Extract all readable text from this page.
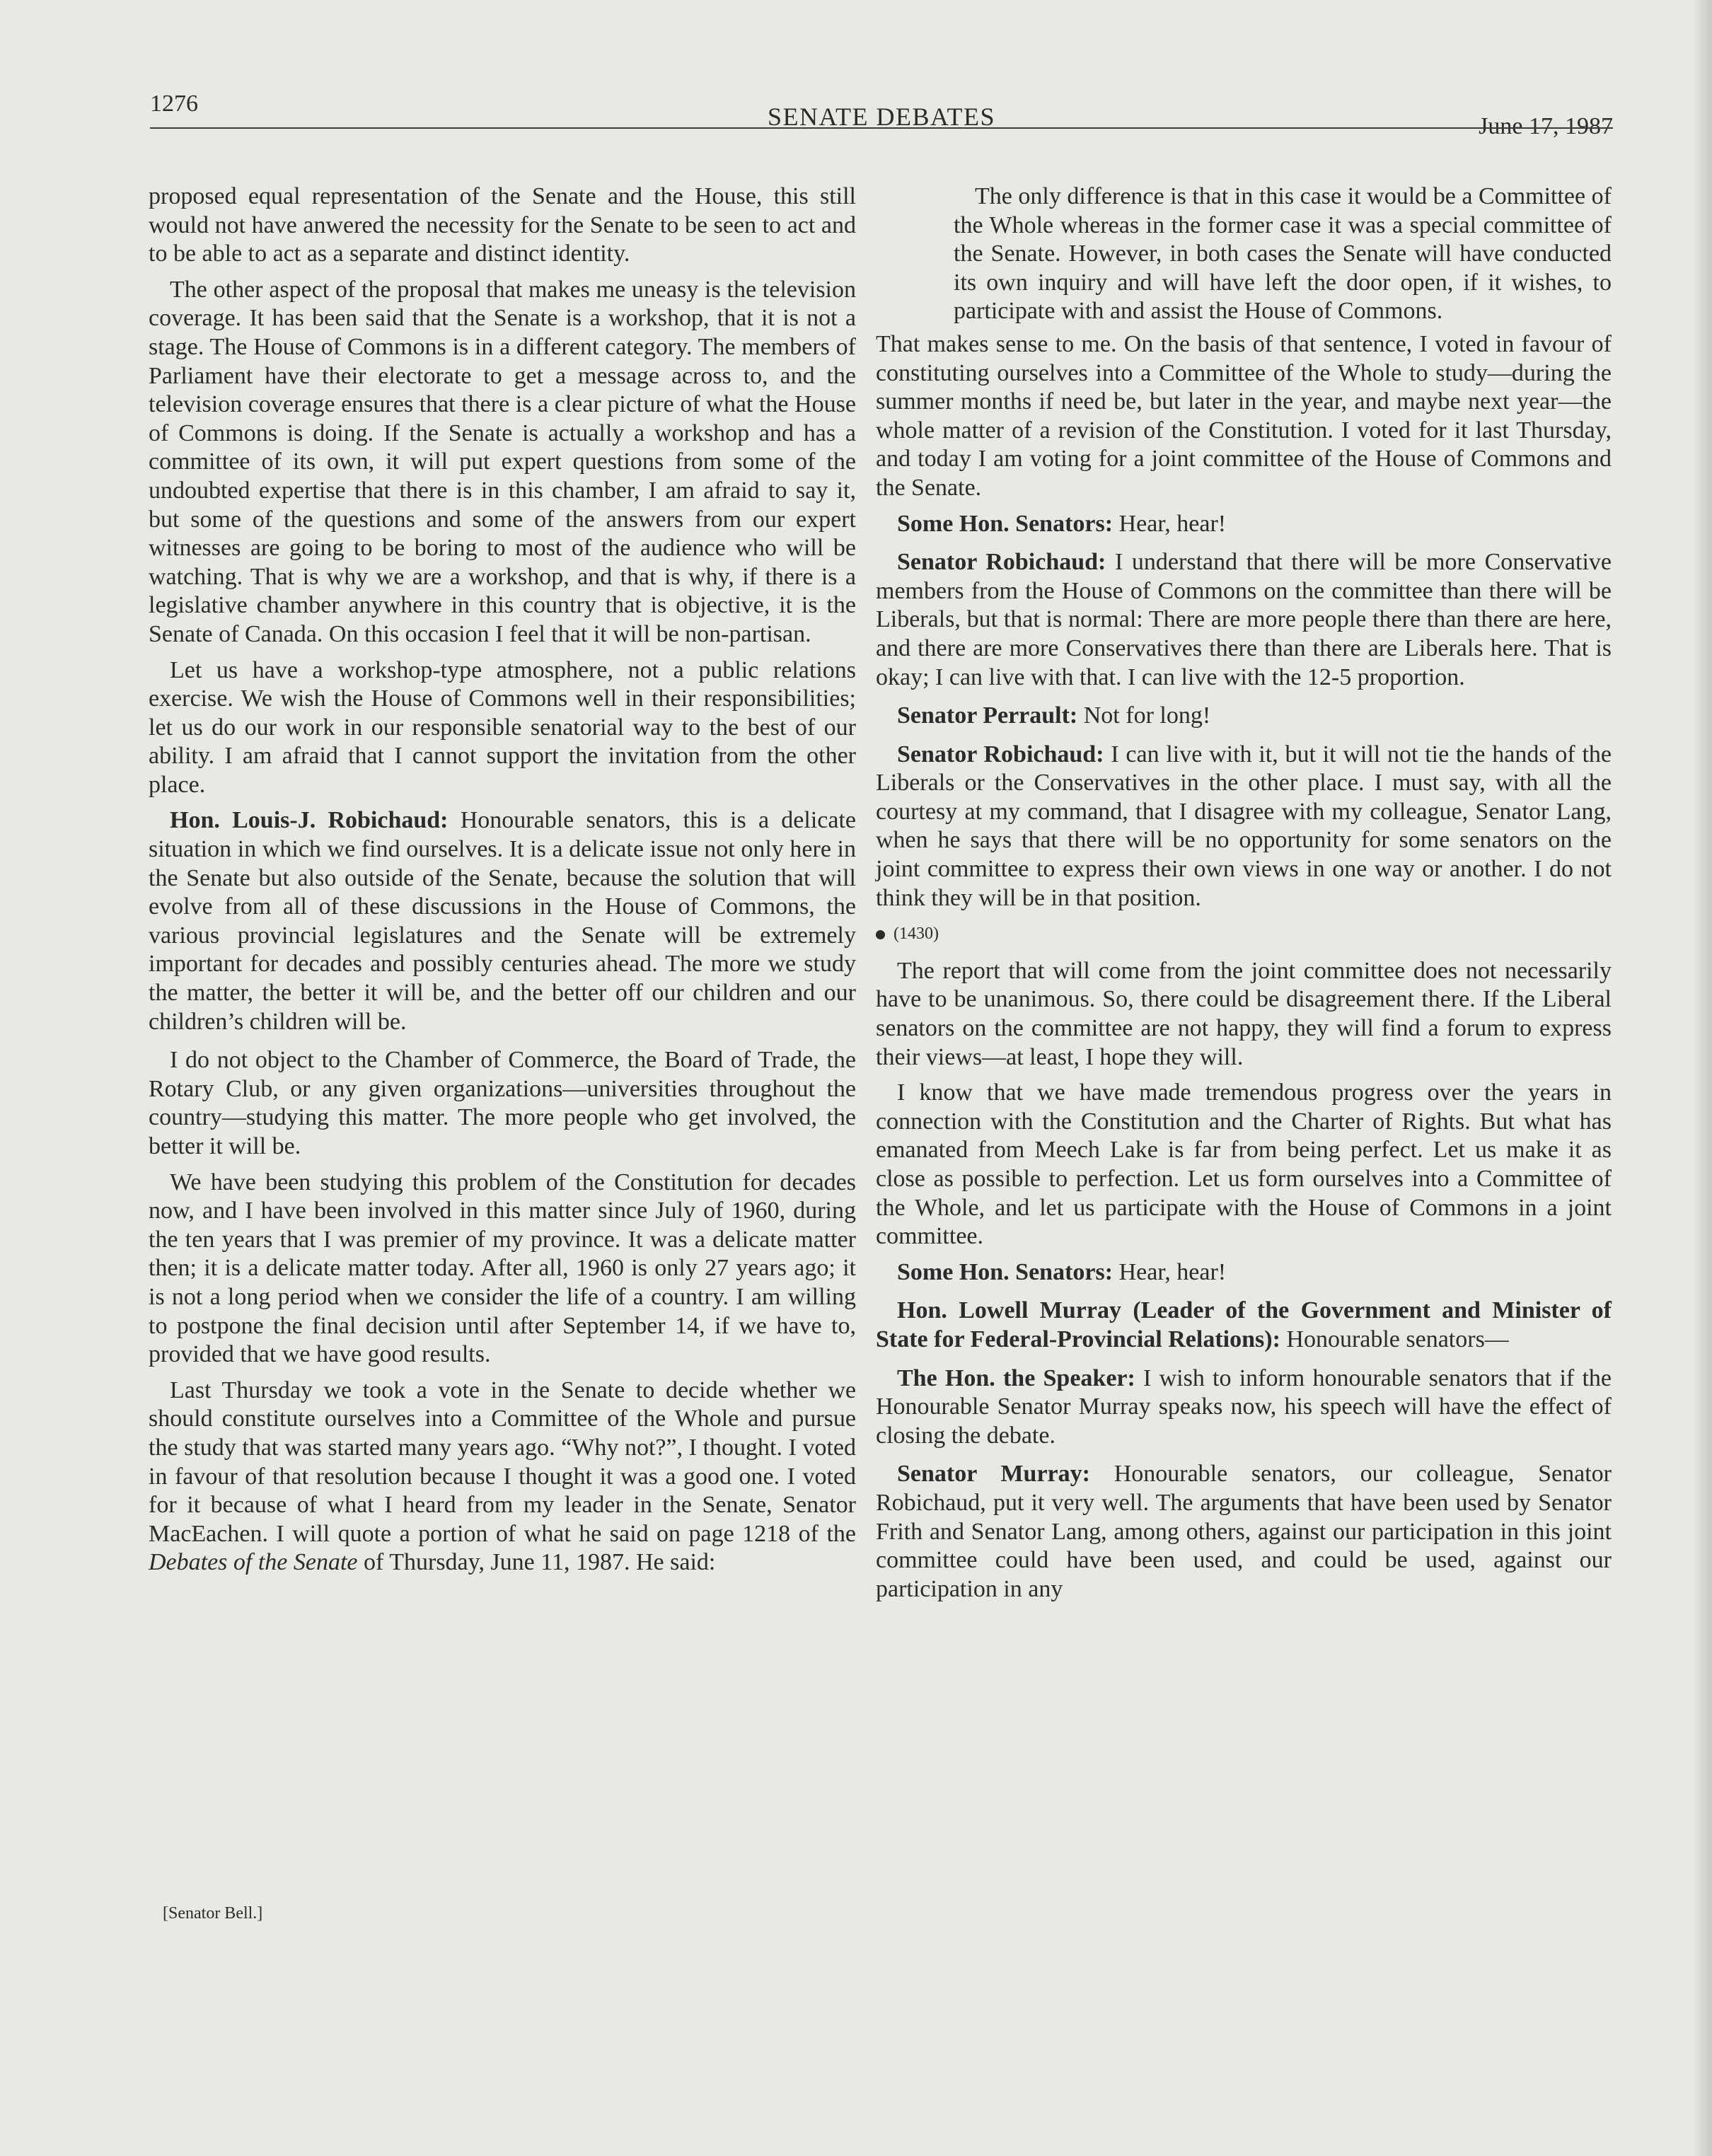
1276	SENATE DEBATES	June 17, 1987

proposed equal representation of the Senate and the House, this still would not have anwered the necessity for the Senate to be seen to act and to be able to act as a separate and distinct identity.

The other aspect of the proposal that makes me uneasy is the television coverage. It has been said that the Senate is a workshop, that it is not a stage. The House of Commons is in a different category. The members of Parliament have their electorate to get a message across to, and the television coverage ensures that there is a clear picture of what the House of Commons is doing. If the Senate is actually a workshop and has a committee of its own, it will put expert questions from some of the undoubted expertise that there is in this chamber, I am afraid to say it, but some of the questions and some of the answers from our expert witnesses are going to be boring to most of the audience who will be watching. That is why we are a workshop, and that is why, if there is a legislative chamber anywhere in this country that is objective, it is the Senate of Canada. On this occasion I feel that it will be non-partisan.

Let us have a workshop-type atmosphere, not a public relations exercise. We wish the House of Commons well in their responsibilities; let us do our work in our responsible senatorial way to the best of our ability. I am afraid that I cannot support the invitation from the other place.

Hon. Louis-J. Robichaud: Honourable senators, this is a delicate situation in which we find ourselves. It is a delicate issue not only here in the Senate but also outside of the Senate, because the solution that will evolve from all of these discussions in the House of Commons, the various provincial legislatures and the Senate will be extremely important for decades and possibly centuries ahead. The more we study the matter, the better it will be, and the better off our children and our children’s children will be.

I do not object to the Chamber of Commerce, the Board of Trade, the Rotary Club, or any given organizations—universities throughout the country—studying this matter. The more people who get involved, the better it will be.

We have been studying this problem of the Constitution for decades now, and I have been involved in this matter since July of 1960, during the ten years that I was premier of my province. It was a delicate matter then; it is a delicate matter today. After all, 1960 is only 27 years ago; it is not a long period when we consider the life of a country. I am willing to postpone the final decision until after September 14, if we have to, provided that we have good results.

Last Thursday we took a vote in the Senate to decide whether we should constitute ourselves into a Committee of the Whole and pursue the study that was started many years ago. “Why not?”, I thought. I voted in favour of that resolution because I thought it was a good one. I voted for it because of what I heard from my leader in the Senate, Senator MacEachen. I will quote a portion of what he said on page 1218 of the Debates of the Senate of Thursday, June 11, 1987. He said:

[Senator Bell.]

The only difference is that in this case it would be a Committee of the Whole whereas in the former case it was a special committee of the Senate. However, in both cases the Senate will have conducted its own inquiry and will have left the door open, if it wishes, to participate with and assist the House of Commons.

That makes sense to me. On the basis of that sentence, I voted in favour of constituting ourselves into a Committee of the Whole to study—during the summer months if need be, but later in the year, and maybe next year—the whole matter of a revision of the Constitution. I voted for it last Thursday, and today I am voting for a joint committee of the House of Commons and the Senate.

Some Hon. Senators: Hear, hear!

Senator Robichaud: I understand that there will be more Conservative members from the House of Commons on the committee than there will be Liberals, but that is normal: There are more people there than there are here, and there are more Conservatives there than there are Liberals here. That is okay; I can live with that. I can live with the 12-5 proportion.

Senator Perrault: Not for long!

Senator Robichaud: I can live with it, but it will not tie the hands of the Liberals or the Conservatives in the other place. I must say, with all the courtesy at my command, that I disagree with my colleague, Senator Lang, when he says that there will be no opportunity for some senators on the joint committee to express their own views in one way or another. I do not think they will be in that position.

(1430)

The report that will come from the joint committee does not necessarily have to be unanimous. So, there could be disagreement there. If the Liberal senators on the committee are not happy, they will find a forum to express their views—at least, I hope they will.

I know that we have made tremendous progress over the years in connection with the Constitution and the Charter of Rights. But what has emanated from Meech Lake is far from being perfect. Let us make it as close as possible to perfection. Let us form ourselves into a Committee of the Whole, and let us participate with the House of Commons in a joint committee.

Some Hon. Senators: Hear, hear!

Hon. Lowell Murray (Leader of the Government and Minister of State for Federal-Provincial Relations): Honourable senators—

The Hon. the Speaker: I wish to inform honourable senators that if the Honourable Senator Murray speaks now, his speech will have the effect of closing the debate.

Senator Murray: Honourable senators, our colleague, Senator Robichaud, put it very well. The arguments that have been used by Senator Frith and Senator Lang, among others, against our participation in this joint committee could have been used, and could be used, against our participation in any
